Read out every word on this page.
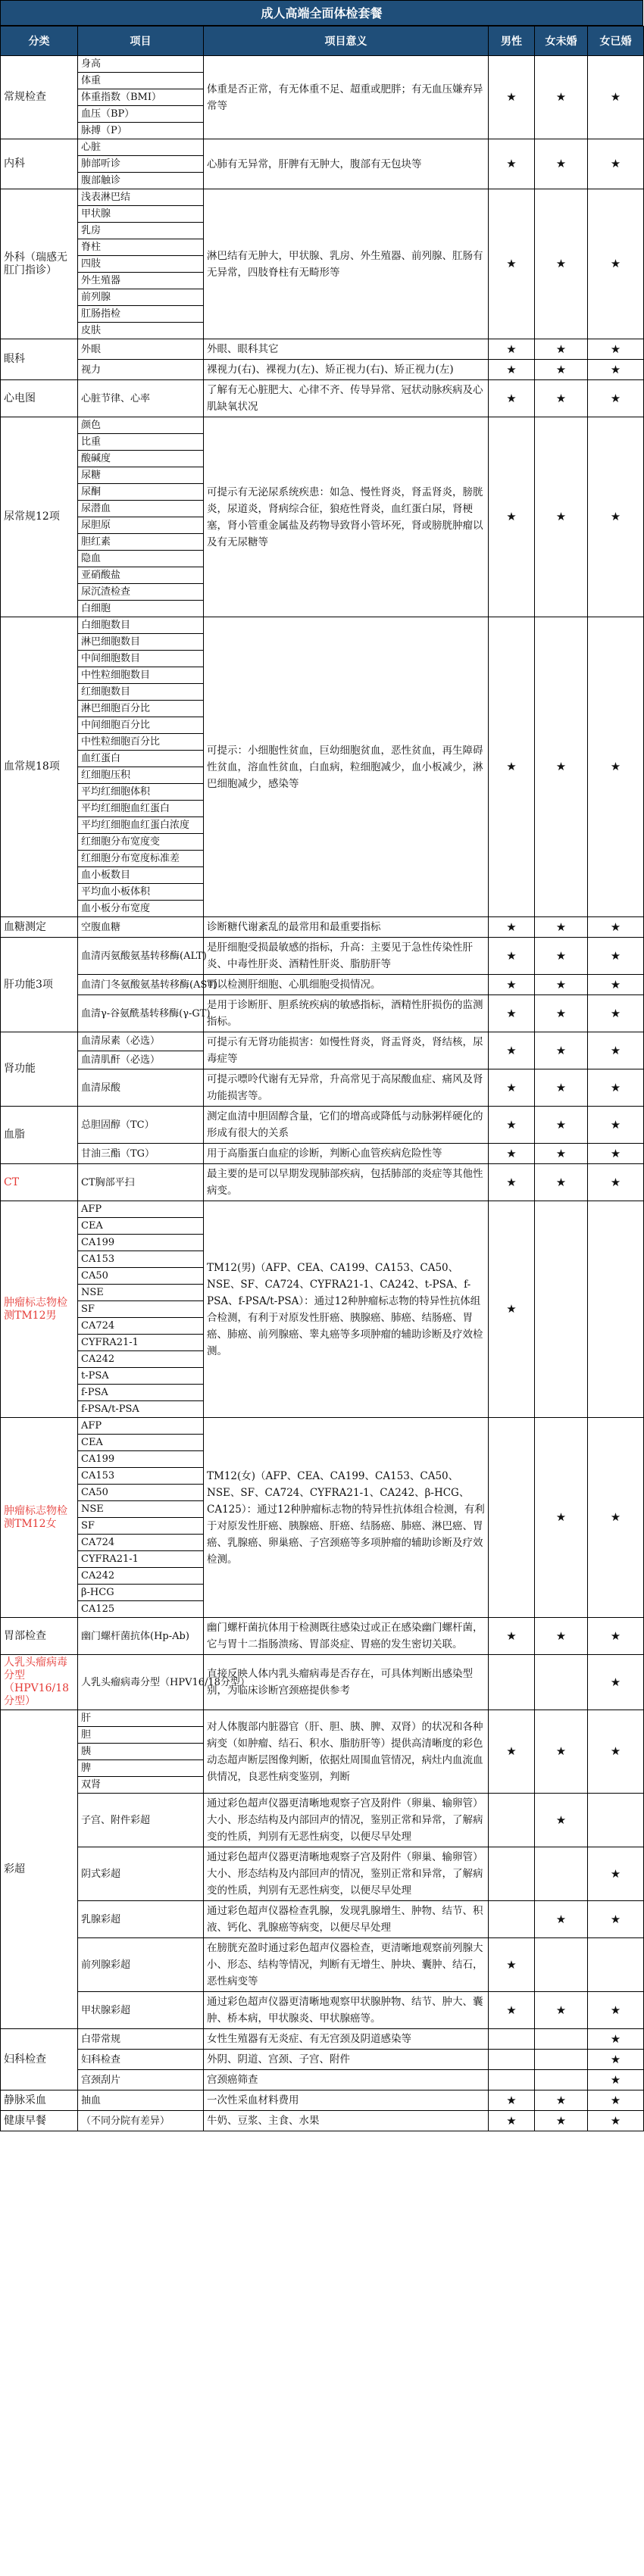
成人高端全面体检套餐
分类	项目	项目意义	男性	女未婚	女已婚
常规检查	身高	体重是否正常，有无体重不足、超重或肥胖；有无血压嫌弃异常等	★	★	★
	体重				
	体重指数（BMI）				
	血压（BP）				
	脉搏（P）				
内科	心脏	心肺有无异常，肝脾有无肿大，腹部有无包块等	★	★	★
	肺部听诊				
	腹部触诊				
外科（瑞感无肛门指诊）	浅表淋巴结	淋巴结有无肿大，甲状腺、乳房、外生殖器、前列腺、肛肠有无异常，四肢脊柱有无畸形等	★	★	★
	甲状腺				
	乳房				
	脊柱				
	四肢				
	外生殖器				
	前列腺				
	肛肠指检				
	皮肤				
眼科	外眼	外眼、眼科其它	★	★	★
	视力	裸视力(右)、裸视力(左)、矫正视力(右)、矫正视力(左)	★	★	★
心电图	心脏节律、心率	了解有无心脏肥大、心律不齐、传导异常、冠状动脉疾病及心肌缺氧状况	★	★	★
尿常规12项	颜色	可提示有无泌尿系统疾患：如急、慢性肾炎，肾盂肾炎，膀胱炎，尿道炎，肾病综合征，狼疮性肾炎，血红蛋白尿，肾梗塞，肾小管重金属盐及药物导致肾小管坏死，肾或膀胱肿瘤以及有无尿糖等	★	★	★
	比重				
	酸碱度				
	尿糖				
	尿酮				
	尿潜血				
	尿胆原				
	胆红素				
	隐血				
	亚硝酸盐				
	尿沉渣检查				
	白细胞				
血常规18项	白细胞数目	可提示：小细胞性贫血，巨幼细胞贫血，恶性贫血，再生障碍性贫血，溶血性贫血，白血病，粒细胞减少，血小板减少，淋巴细胞减少，感染等	★	★	★
	淋巴细胞数目				
	中间细胞数目				
	中性粒细胞数目				
	红细胞数目				
	淋巴细胞百分比				
	中间细胞百分比				
	中性粒细胞百分比				
	血红蛋白				
	红细胞压积				
	平均红细胞体积				
	平均红细胞血红蛋白				
	平均红细胞血红蛋白浓度				
	红细胞分布宽度变				
	红细胞分布宽度标准差				
	血小板数目				
	平均血小板体积				
	血小板分布宽度				
血糖测定	空腹血糖	诊断糖代谢紊乱的最常用和最重要指标	★	★	★
肝功能3项	血清丙氨酸氨基转移酶(ALT)	是肝细胞受损最敏感的指标，升高：主要见于急性传染性肝炎、中毒性肝炎、酒精性肝炎、脂肪肝等	★	★	★
	血清门冬氨酸氨基转移酶(AST)	可以检测肝细胞、心肌细胞受损情况。	★	★	★
	血清γ-谷氨酰基转移酶(γ-GT)	是用于诊断肝、胆系统疾病的敏感指标，酒精性肝损伤的监测指标。	★	★	★
肾功能	血清尿素（必选）	可提示有无肾功能损害：如慢性肾炎，肾盂肾炎，肾结核，尿毒症等	★	★	★
	血清肌酐（必选）				
	血清尿酸	可提示嘌呤代谢有无异常，升高常见于高尿酸血症、痛风及肾功能损害等。	★	★	★
血脂	总胆固醇（TC）	测定血清中胆固醇含量，它们的增高或降低与动脉粥样硬化的形成有很大的关系	★	★	★
	甘油三酯（TG）	用于高脂蛋白血症的诊断，判断心血管疾病危险性等	★	★	★
CT	CT胸部平扫	最主要的是可以早期发现肺部疾病，包括肺部的炎症等其他性病变。	★	★	★
肿瘤标志物检测TM12男	AFP	TM12(男)（AFP、CEA、CA199、CA153、CA50、NSE、SF、CA724、CYFRA21-1、CA242、t-PSA、f-PSA、f-PSA/t-PSA）：通过12种肿瘤标志物的特异性抗体组合检测，有利于对原发性肝癌、胰腺癌、肺癌、结肠癌、胃癌、肺癌、前列腺癌、睾丸癌等多项肿瘤的辅助诊断及疗效检测。	★		
	CEA				
	CA199				
	CA153				
	CA50				
	NSE				
	SF				
	CA724				
	CYFRA21-1				
	CA242				
	t-PSA				
	f-PSA				
	f-PSA/t-PSA				
肿瘤标志物检测TM12女	AFP	TM12(女)（AFP、CEA、CA199、CA153、CA50、NSE、SF、CA724、CYFRA21-1、CA242、β-HCG、CA125）：通过12种肿瘤标志物的特异性抗体组合检测，有利于对原发性肝癌、胰腺癌、肝癌、结肠癌、肺癌、淋巴癌、胃癌、乳腺癌、卵巢癌、子宫颈癌等多项肿瘤的辅助诊断及疗效检测。		★	★
	CEA				
	CA199				
	CA153				
	CA50				
	NSE				
	SF				
	CA724				
	CYFRA21-1				
	CA242				
	β-HCG				
	CA125				
胃部检查	幽门螺杆菌抗体(Hp-Ab)	幽门螺杆菌抗体用于检测既往感染过或正在感染幽门螺杆菌，它与胃十二指肠溃疡、胃部炎症、胃癌的发生密切关联。	★	★	★
人乳头瘤病毒分型（HPV16/18分型）	人乳头瘤病毒分型（HPV16/18分型）	直接反映人体内乳头瘤病毒是否存在，可具体判断出感染型别，为临床诊断宫颈癌提供参考			★
彩超	肝	对人体腹部内脏器官（肝、胆、胰、脾、双肾）的状况和各种病变（如肿瘤、结石、积水、脂肪肝等）提供高清晰度的彩色动态超声断层图像判断，依据灶周围血管情况，病灶内血流血供情况，良恶性病变鉴别，判断	★	★	★
	胆				
	胰				
	脾				
	双肾				
	子宫、附件彩超	通过彩色超声仪器更清晰地观察子宫及附件（卵巢、输卵管）大小、形态结构及内部回声的情况，鉴别正常和异常，了解病变的性质，判别有无恶性病变，以便尽早处理		★	
	阴式彩超	通过彩色超声仪器更清晰地观察子宫及附件（卵巢、输卵管）大小、形态结构及内部回声的情况，鉴别正常和异常，了解病变的性质，判别有无恶性病变，以便尽早处理			★
	乳腺彩超	通过彩色超声仪器检查乳腺，发现乳腺增生、肿物、结节、积液、钙化、乳腺癌等病变，以便尽早处理		★	★
	前列腺彩超	在膀胱充盈时通过彩色超声仪器检查，更清晰地观察前列腺大小、形态、结构等情况，判断有无增生、肿块、囊肿、结石，恶性病变等	★		
	甲状腺彩超	通过彩色超声仪器更清晰地观察甲状腺肿物、结节、肿大、囊肿、桥本病，甲状腺炎、甲状腺癌等。	★	★	★
妇科检查	白带常规	女性生殖器有无炎症、有无宫颈及阴道感染等			★
	妇科检查	外阴、阴道、宫颈、子宫、附件			★
	宫颈刮片	宫颈癌筛查			★
静脉采血	抽血	一次性采血材料费用	★	★	★
健康早餐	（不同分院有差异）	牛奶、豆浆、主食、水果	★	★	★
